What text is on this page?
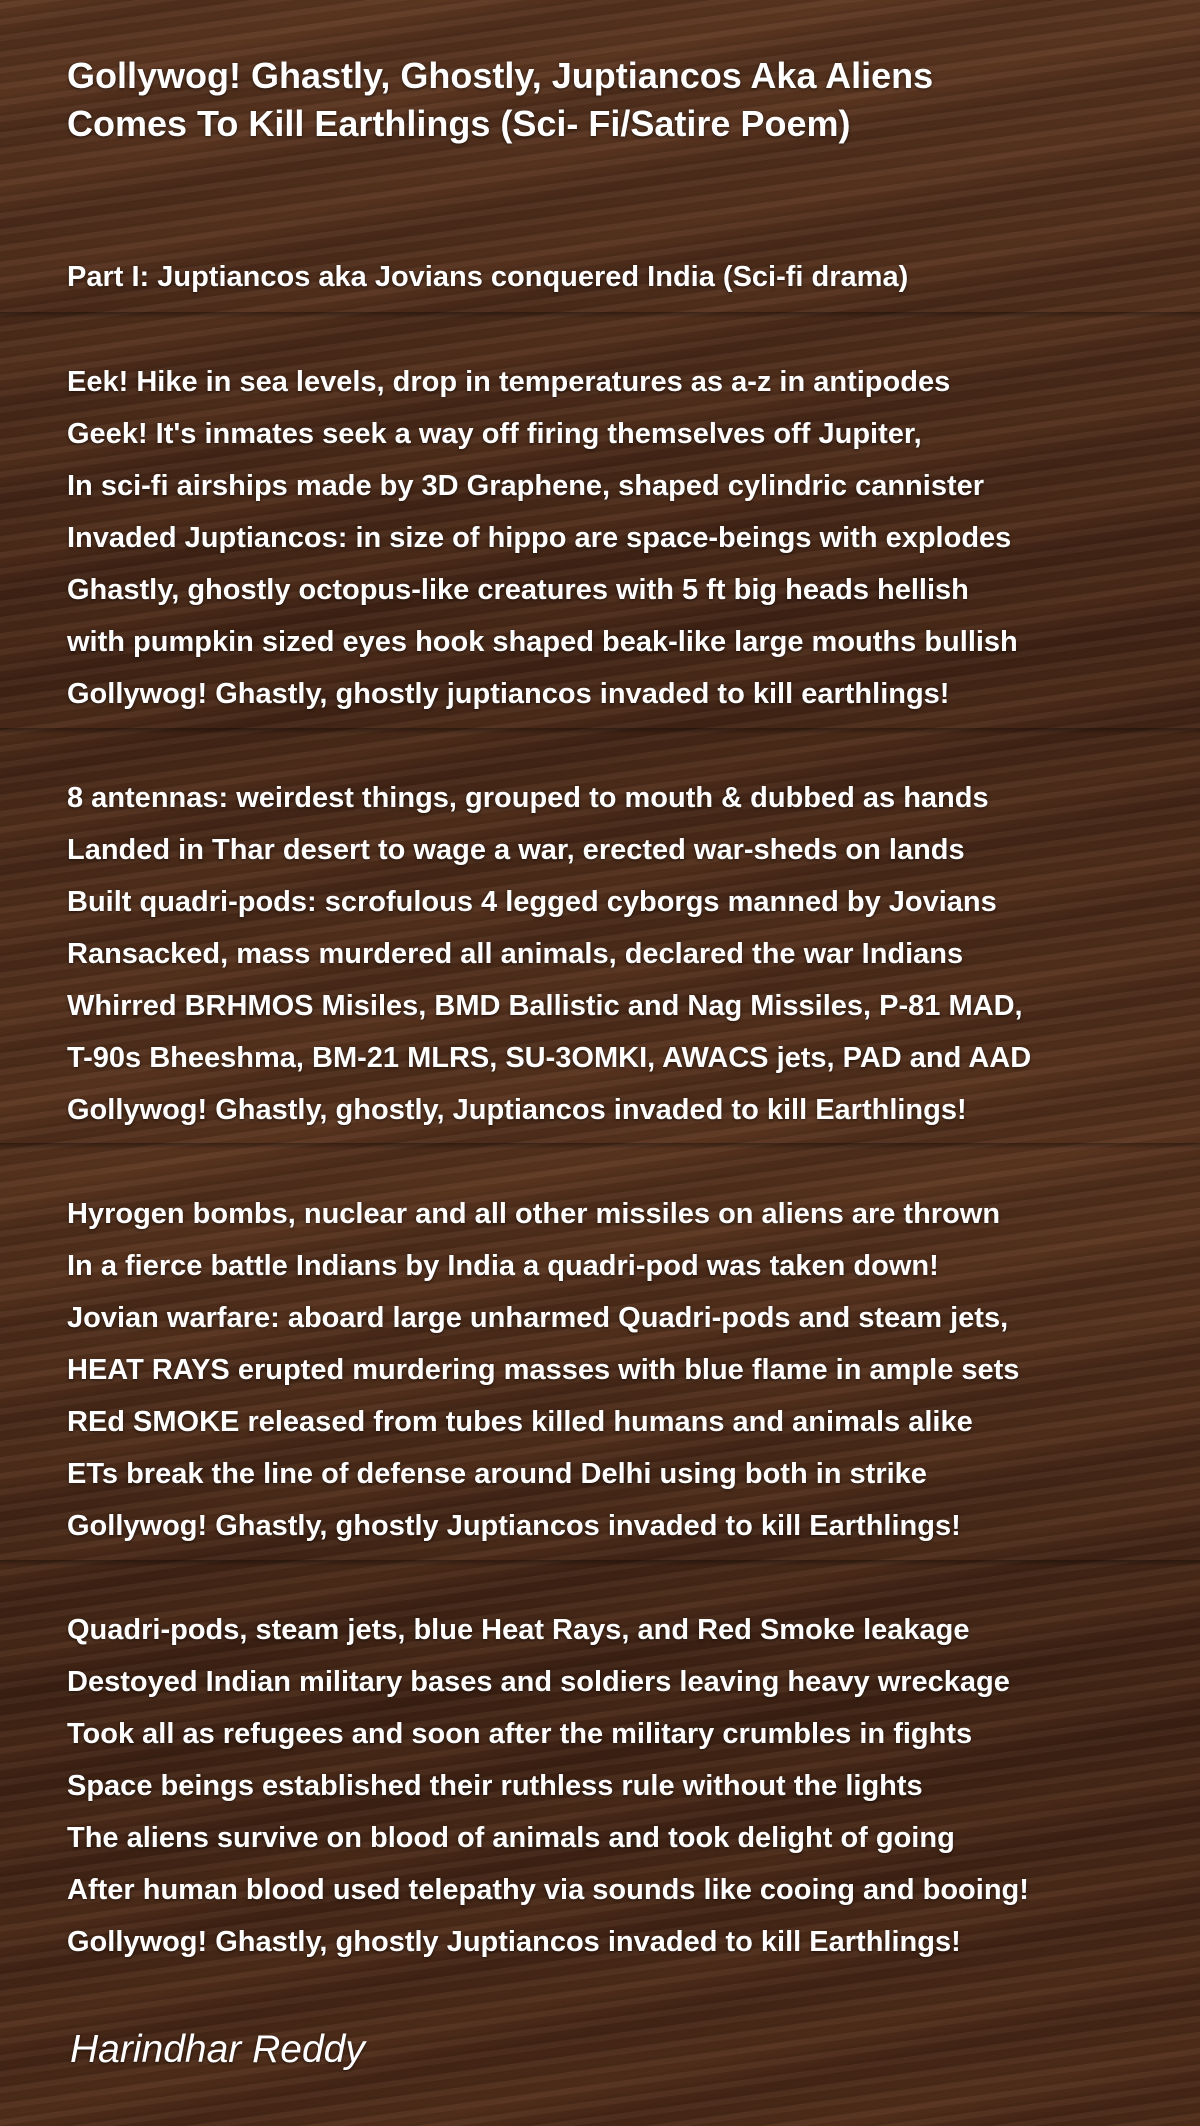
Gollywog! Ghastly, Ghostly, Juptiancos Aka Aliens Comes To Kill Earthlings (Sci- Fi/Satire Poem)
Part I: Juptiancos aka Jovians conquered India (Sci-fi drama)
Eek! Hike in sea levels, drop in temperatures as a-z in antipodes
Geek! It's inmates seek a way off firing themselves off Jupiter,
In sci-fi airships made by 3D Graphene, shaped cylindric cannister
Invaded Juptiancos: in size of hippo are space-beings with explodes
Ghastly, ghostly octopus-like creatures with 5 ft big heads hellish
with pumpkin sized eyes hook shaped beak-like large mouths bullish
Gollywog! Ghastly, ghostly juptiancos invaded to kill earthlings!
8 antennas: weirdest things, grouped to mouth & dubbed as hands
Landed in Thar desert to wage a war, erected war-sheds on lands
Built quadri-pods: scrofulous 4 legged cyborgs manned by Jovians
Ransacked, mass murdered all animals, declared the war Indians
Whirred BRHMOS Misiles, BMD Ballistic and Nag Missiles, P-81 MAD,
T-90s Bheeshma, BM-21 MLRS, SU-3OMKI, AWACS jets, PAD and AAD
Gollywog! Ghastly, ghostly, Juptiancos invaded to kill Earthlings!
Hyrogen bombs, nuclear and all other missiles on aliens are thrown
In a fierce battle Indians by India a quadri-pod was taken down!
Jovian warfare: aboard large unharmed Quadri-pods and steam jets,
HEAT RAYS erupted murdering masses with blue flame in ample sets
REd SMOKE released from tubes killed humans and animals alike
ETs break the line of defense around Delhi using both in strike
Gollywog! Ghastly, ghostly Juptiancos invaded to kill Earthlings!
Quadri-pods, steam jets, blue Heat Rays, and Red Smoke leakage
Destoyed Indian military bases and soldiers leaving heavy wreckage
Took all as refugees and soon after the military crumbles in fights
Space beings established their ruthless rule without the lights
The aliens survive on blood of animals and took delight of going
After human blood used telepathy via sounds like cooing and booing!
Gollywog! Ghastly, ghostly Juptiancos invaded to kill Earthlings!
Harindhar Reddy
